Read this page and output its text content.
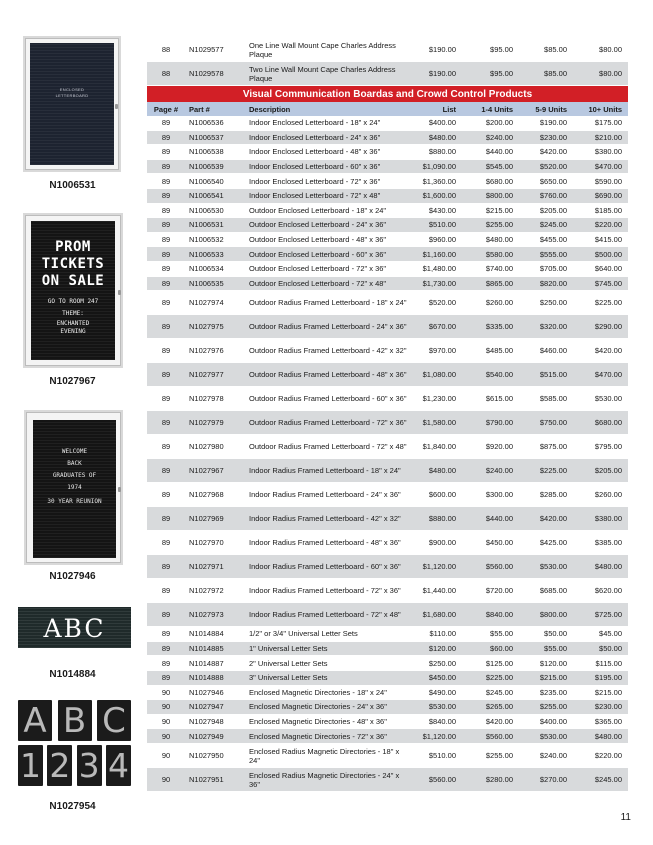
ENCLOSED
LETTERBOARD
N1006531
PROM
TICKETS
ON SALE
GO TO ROOM 247
THEME:
ENCHANTED
EVENING
N1027967
WELCOME
BACK
GRADUATES OF
1974
30 YEAR REUNION
N1027946
ABC
N1014884
A B C
1 2 3 4
N1027954
88	N1029577	One Line Wall Mount Cape Charles Address Plaque	$190.00	$95.00	$85.00	$80.00
88	N1029578	Two Line Wall Mount Cape Charles Address Plaque	$190.00	$95.00	$85.00	$80.00
Visual Communication Boardas and Crowd Control Products
Page #	Part #	Description	List	1-4 Units	5-9 Units	10+ Units
89	N1006536	Indoor Enclosed Letterboard - 18" x 24"	$400.00	$200.00	$190.00	$175.00
89	N1006537	Indoor Enclosed Letterboard - 24" x 36"	$480.00	$240.00	$230.00	$210.00
89	N1006538	Indoor Enclosed Letterboard - 48" x 36"	$880.00	$440.00	$420.00	$380.00
89	N1006539	Indoor Enclosed Letterboard - 60" x 36"	$1,090.00	$545.00	$520.00	$470.00
89	N1006540	Indoor Enclosed Letterboard - 72" x 36"	$1,360.00	$680.00	$650.00	$590.00
89	N1006541	Indoor Enclosed Letterboard - 72" x 48"	$1,600.00	$800.00	$760.00	$690.00
89	N1006530	Outdoor Enclosed Letterboard - 18" x 24"	$430.00	$215.00	$205.00	$185.00
89	N1006531	Outdoor Enclosed Letterboard - 24" x 36"	$510.00	$255.00	$245.00	$220.00
89	N1006532	Outdoor Enclosed Letterboard - 48" x 36"	$960.00	$480.00	$455.00	$415.00
89	N1006533	Outdoor Enclosed Letterboard - 60" x 36"	$1,160.00	$580.00	$555.00	$500.00
89	N1006534	Outdoor Enclosed Letterboard - 72" x 36"	$1,480.00	$740.00	$705.00	$640.00
89	N1006535	Outdoor Enclosed Letterboard - 72" x 48"	$1,730.00	$865.00	$820.00	$745.00
89	N1027974	Outdoor Radius Framed Letterboard - 18" x 24"	$520.00	$260.00	$250.00	$225.00
89	N1027975	Outdoor Radius Framed Letterboard - 24" x 36"	$670.00	$335.00	$320.00	$290.00
89	N1027976	Outdoor Radius Framed Letterboard - 42" x 32"	$970.00	$485.00	$460.00	$420.00
89	N1027977	Outdoor Radius Framed Letterboard - 48" x 36"	$1,080.00	$540.00	$515.00	$470.00
89	N1027978	Outdoor Radius Framed Letterboard - 60" x 36"	$1,230.00	$615.00	$585.00	$530.00
89	N1027979	Outdoor Radius Framed Letterboard - 72" x 36"	$1,580.00	$790.00	$750.00	$680.00
89	N1027980	Outdoor Radius Framed Letterboard - 72" x 48"	$1,840.00	$920.00	$875.00	$795.00
89	N1027967	Indoor Radius Framed Letterboard - 18" x 24"	$480.00	$240.00	$225.00	$205.00
89	N1027968	Indoor Radius Framed Letterboard - 24" x 36"	$600.00	$300.00	$285.00	$260.00
89	N1027969	Indoor Radius Framed Letterboard - 42" x 32"	$880.00	$440.00	$420.00	$380.00
89	N1027970	Indoor Radius Framed Letterboard - 48" x 36"	$900.00	$450.00	$425.00	$385.00
89	N1027971	Indoor Radius Framed Letterboard - 60" x 36"	$1,120.00	$560.00	$530.00	$480.00
89	N1027972	Indoor Radius Framed Letterboard - 72" x 36"	$1,440.00	$720.00	$685.00	$620.00
89	N1027973	Indoor Radius Framed Letterboard - 72" x 48"	$1,680.00	$840.00	$800.00	$725.00
89	N1014884	1/2" or 3/4" Universal Letter Sets	$110.00	$55.00	$50.00	$45.00
89	N1014885	1" Universal Letter Sets	$120.00	$60.00	$55.00	$50.00
89	N1014887	2" Universal Letter Sets	$250.00	$125.00	$120.00	$115.00
89	N1014888	3" Universal Letter Sets	$450.00	$225.00	$215.00	$195.00
90	N1027946	Enclosed Magnetic Directories - 18" x 24"	$490.00	$245.00	$235.00	$215.00
90	N1027947	Enclosed Magnetic Directories - 24" x 36"	$530.00	$265.00	$255.00	$230.00
90	N1027948	Enclosed Magnetic Directories - 48" x 36"	$840.00	$420.00	$400.00	$365.00
90	N1027949	Enclosed Magnetic Directories - 72" x 36"	$1,120.00	$560.00	$530.00	$480.00
90	N1027950	Enclosed Radius Magnetic Directories - 18" x 24"	$510.00	$255.00	$240.00	$220.00
90	N1027951	Enclosed Radius Magnetic Directories - 24" x 36"	$560.00	$280.00	$270.00	$245.00
11
